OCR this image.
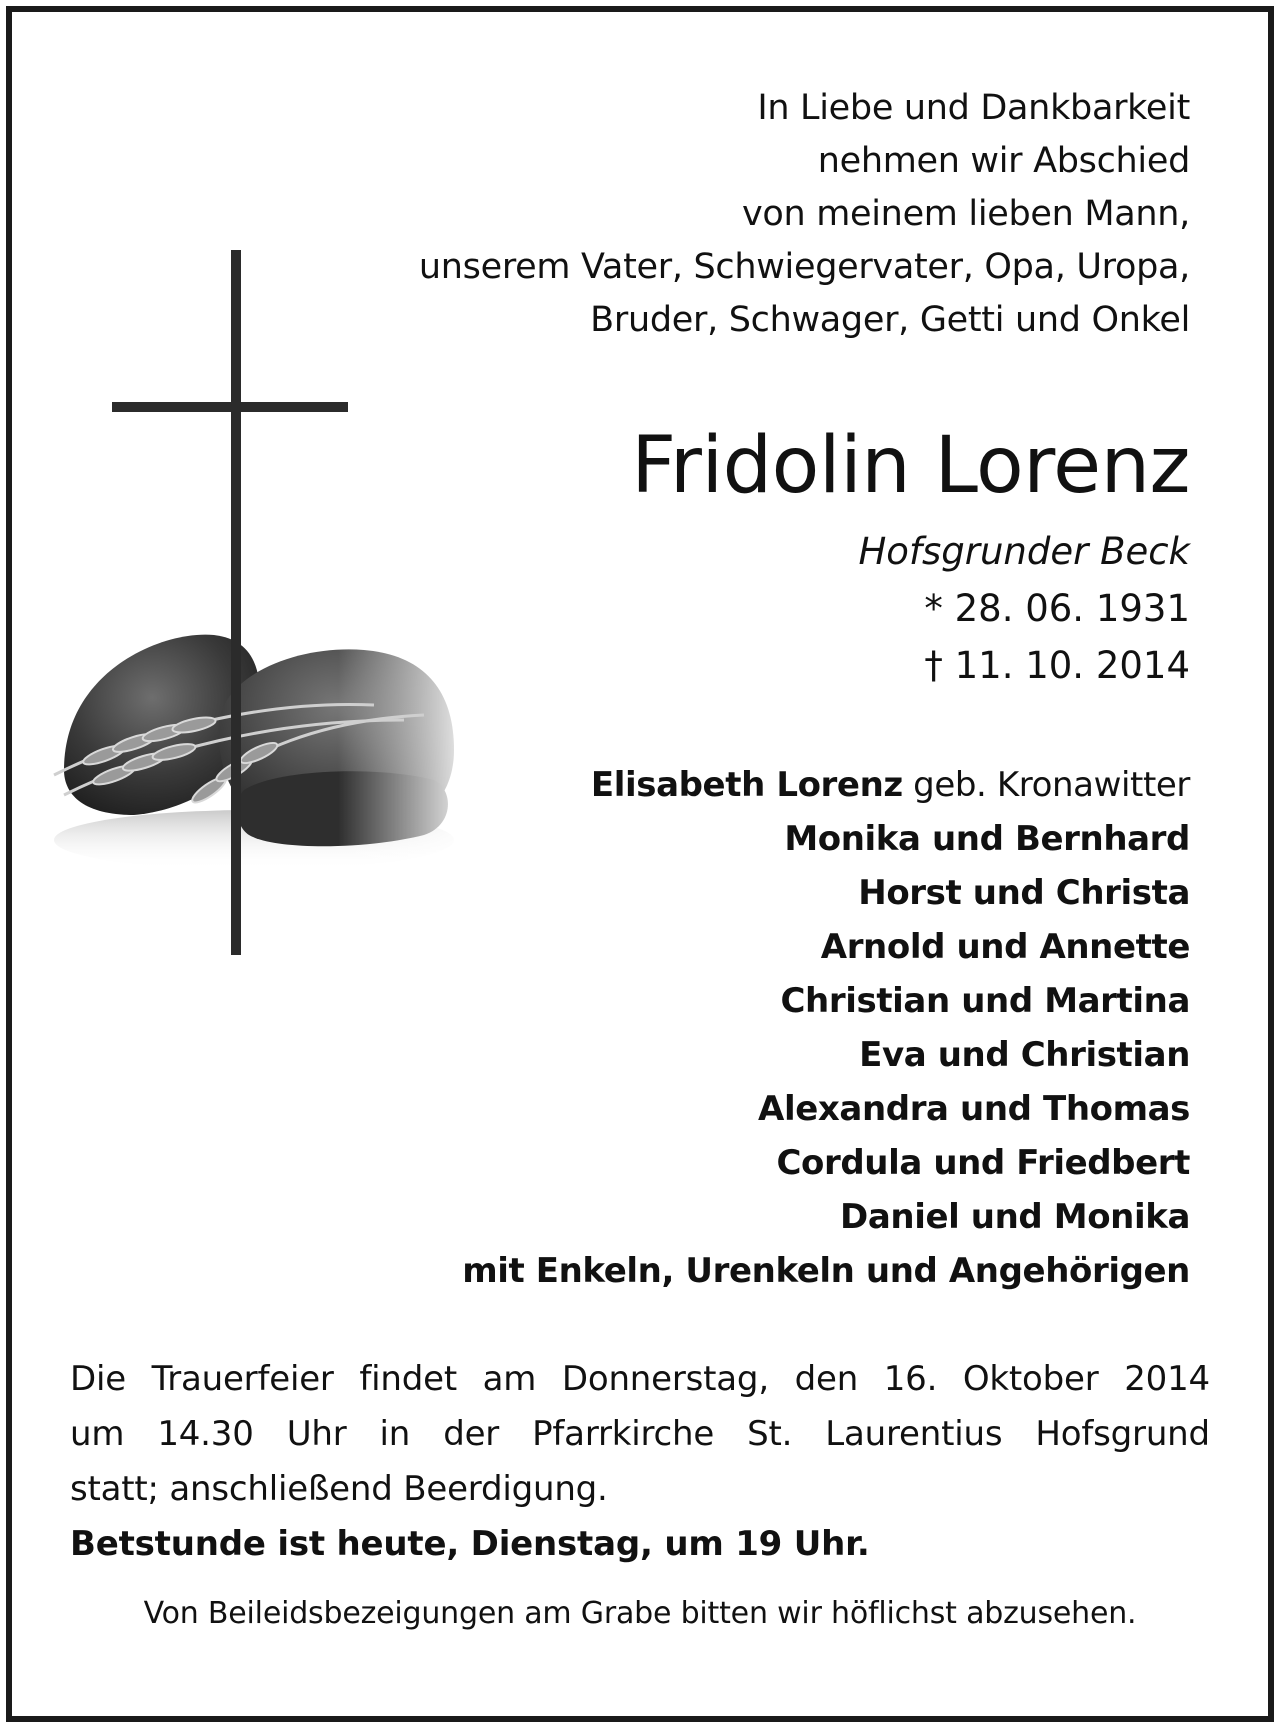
In Liebe und Dankbarkeit
nehmen wir Abschied
von meinem lieben Mann,
unserem Vater, Schwiegervater, Opa, Uropa,
Bruder, Schwager, Getti und Onkel
Fridolin Lorenz
Hofsgrunder Beck
* 28. 06. 1931
† 11. 10. 2014
Elisabeth Lorenz geb. Kronawitter
Monika und Bernhard
Horst und Christa
Arnold und Annette
Christian und Martina
Eva und Christian
Alexandra und Thomas
Cordula und Friedbert
Daniel und Monika
mit Enkeln, Urenkeln und Angehörigen
Die Trauerfeier findet am Donnerstag, den 16. Oktober 2014
um 14.30 Uhr in der Pfarrkirche St. Laurentius Hofsgrund
statt; anschließend Beerdigung.
Betstunde ist heute, Dienstag, um 19 Uhr.
Von Beileidsbezeigungen am Grabe bitten wir höflichst abzusehen.
